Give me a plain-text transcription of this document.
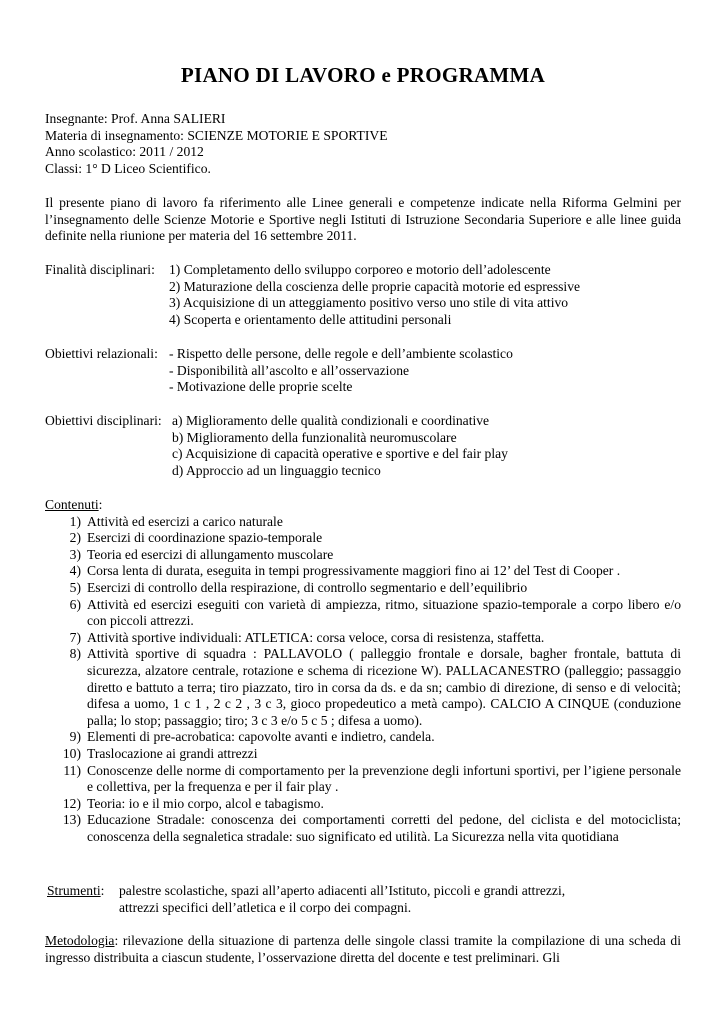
PIANO DI LAVORO e PROGRAMMA
Insegnante: Prof. Anna SALIERI
Materia di insegnamento: SCIENZE MOTORIE E SPORTIVE
Anno scolastico: 2011 / 2012
Classi: 1° D Liceo Scientifico.
Il presente piano di lavoro fa riferimento alle Linee generali e competenze indicate nella Riforma Gelmini per l’insegnamento delle Scienze Motorie e Sportive negli Istituti di Istruzione Secondaria Superiore e alle linee guida definite nella riunione per materia del 16 settembre 2011.
Finalità disciplinari:	1) Completamento dello sviluppo corporeo e motorio dell’adolescente
2) Maturazione della coscienza delle proprie capacità motorie ed espressive
3) Acquisizione di un atteggiamento positivo verso uno stile di vita attivo
4) Scoperta e orientamento delle attitudini personali
Obiettivi relazionali: - Rispetto delle persone, delle regole e dell’ambiente scolastico
- Disponibilità all’ascolto e all’osservazione
- Motivazione delle proprie scelte
Obiettivi disciplinari: a) Miglioramento delle qualità condizionali e coordinative
b) Miglioramento della funzionalità neuromuscolare
c) Acquisizione di capacità operative e sportive e del fair play
d) Approccio ad un linguaggio tecnico
Contenuti:
1) Attività ed esercizi a carico naturale
2) Esercizi di coordinazione spazio-temporale
3) Teoria ed esercizi di allungamento muscolare
4) Corsa lenta di durata, eseguita in tempi progressivamente maggiori fino ai 12’ del Test di Cooper .
5) Esercizi di controllo della respirazione, di controllo segmentario e dell’equilibrio
6) Attività ed esercizi eseguiti con varietà di ampiezza, ritmo, situazione spazio-temporale a corpo libero e/o con piccoli attrezzi.
7) Attività sportive individuali: ATLETICA: corsa veloce, corsa di resistenza, staffetta.
8) Attività sportive di squadra : PALLAVOLO ( palleggio frontale e dorsale, bagher frontale, battuta di sicurezza, alzatore centrale, rotazione e schema di ricezione W). PALLACANESTRO (palleggio; passaggio diretto e battuto a terra; tiro piazzato, tiro in corsa da ds. e da sn; cambio di direzione, di senso e di velocità; difesa a uomo, 1 c 1 , 2 c 2 , 3 c 3, gioco propedeutico a metà campo). CALCIO A CINQUE (conduzione palla; lo stop; passaggio; tiro; 3 c 3 e/o 5 c 5 ; difesa a uomo).
9) Elementi di pre-acrobatica: capovolte avanti e indietro, candela.
10) Traslocazione ai grandi attrezzi
11) Conoscenze delle norme di comportamento per la prevenzione degli infortuni sportivi, per l’igiene personale e collettiva, per la frequenza e per il fair play .
12) Teoria: io e il mio corpo, alcol e tabagismo.
13) Educazione Stradale: conoscenza dei comportamenti corretti del pedone, del ciclista e del motociclista; conoscenza della segnaletica stradale: suo significato ed utilità. La Sicurezza nella vita quotidiana
Strumenti:	palestre scolastiche, spazi all’aperto adiacenti all’Istituto, piccoli e grandi attrezzi,
attrezzi specifici dell’atletica e il corpo dei compagni.
Metodologia: rilevazione della situazione di partenza delle singole classi tramite la compilazione di una scheda di ingresso distribuita a ciascun studente, l’osservazione diretta del docente e test preliminari. Gli
